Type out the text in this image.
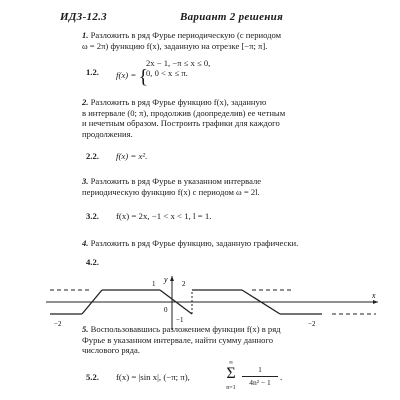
ИДЗ-12.3	Вариант 2 решения
1. Разложить в ряд Фурье периодическую (с периодом
ω = 2π) функцию f(x), заданную на отрезке [−π; π].
1.2. f(x) = {
2x − 1, −π ≤ x ≤ 0,
0, 0 < x ≤ π.
2. Разложить в ряд Фурье функцию f(x), заданную
в интервале (0; π), продолжив (доопределив) ее четным
и нечетным образом. Построить графики для каждого
продолжения.
2.2. f(x) = x².
3. Разложить в ряд Фурье в указанном интервале
периодическую функцию f(x) с периодом ω = 2l.
3.2. f(x) = 2x, −1 < x < 1, l = 1.
4. Разложить в ряд Фурье функцию, заданную графически.
4.2.
y
x
0
2
−1
1
−2
−2 5. Воспользовавшись разложением функции f(x) в ряд
Фурье в указанном интервале, найти сумму данного
числового ряда.
5.2. f(x) = |sin x|, (−π; π),
∞
Σ
n=1
1
4n² − 1
.
